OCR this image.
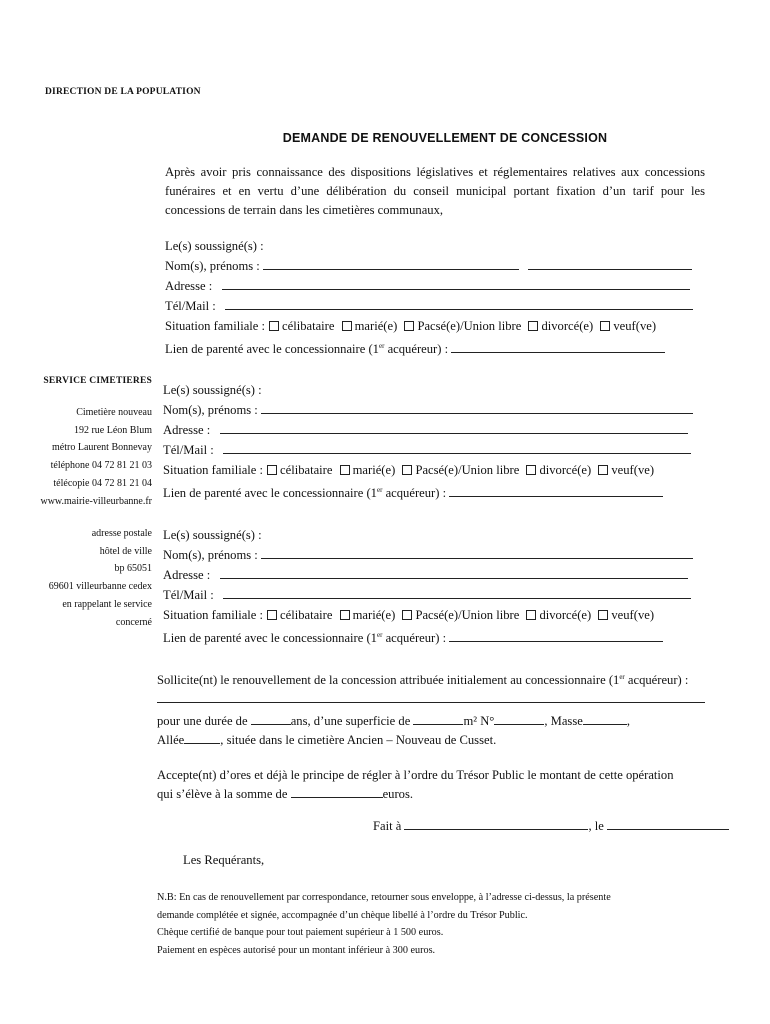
DIRECTION DE LA POPULATION
DEMANDE DE RENOUVELLEMENT DE CONCESSION
Après avoir pris connaissance des dispositions législatives et réglementaires relatives aux concessions funéraires et en vertu d’une délibération du conseil municipal portant fixation d’un tarif pour les concessions de terrain dans les cimetières communaux,
Le(s) soussigné(s) :
Nom(s), prénoms :
Adresse :
Tél/Mail :
Situation familiale : célibataire marié(e) Pacsé(e)/Union libre divorcé(e) veuf(ve)
Lien de parenté avec le concessionnaire (1er acquéreur) :
SERVICE CIMETIERES
Cimetière nouveau
192 rue Léon Blum
métro Laurent Bonnevay
téléphone 04 72 81 21 03
télécopie 04 72 81 21 04
www.mairie-villeurbanne.fr
adresse postale
hôtel de ville
bp 65051
69601 villeurbanne cedex
en rappelant le service
concerné
Le(s) soussigné(s) :
Nom(s), prénoms :
Adresse :
Tél/Mail :
Situation familiale : célibataire marié(e) Pacsé(e)/Union libre divorcé(e) veuf(ve)
Lien de parenté avec le concessionnaire (1er acquéreur) :
Le(s) soussigné(s) :
Nom(s), prénoms :
Adresse :
Tél/Mail :
Situation familiale : célibataire marié(e) Pacsé(e)/Union libre divorcé(e) veuf(ve)
Lien de parenté avec le concessionnaire (1er acquéreur) :
Sollicite(nt) le renouvellement de la concession attribuée initialement au concessionnaire (1er acquéreur) :
pour une durée de	ans, d’une superficie de	m² N°	, Masse	,
Allée	, située dans le cimetière Ancien – Nouveau de Cusset.
Accepte(nt) d’ores et déjà le principe de régler à l’ordre du Trésor Public le montant de cette opération
qui s’élève à la somme de	euros.
Fait à	, le
Les Requérants,
N.B: En cas de renouvellement par correspondance, retourner sous enveloppe, à l’adresse ci-dessus, la présente
demande complétée et signée, accompagnée d’un chèque libellé à l’ordre du Trésor Public.
Chèque certifié de banque pour tout paiement supérieur à 1 500 euros.
Paiement en espèces autorisé pour un montant inférieur à 300 euros.
